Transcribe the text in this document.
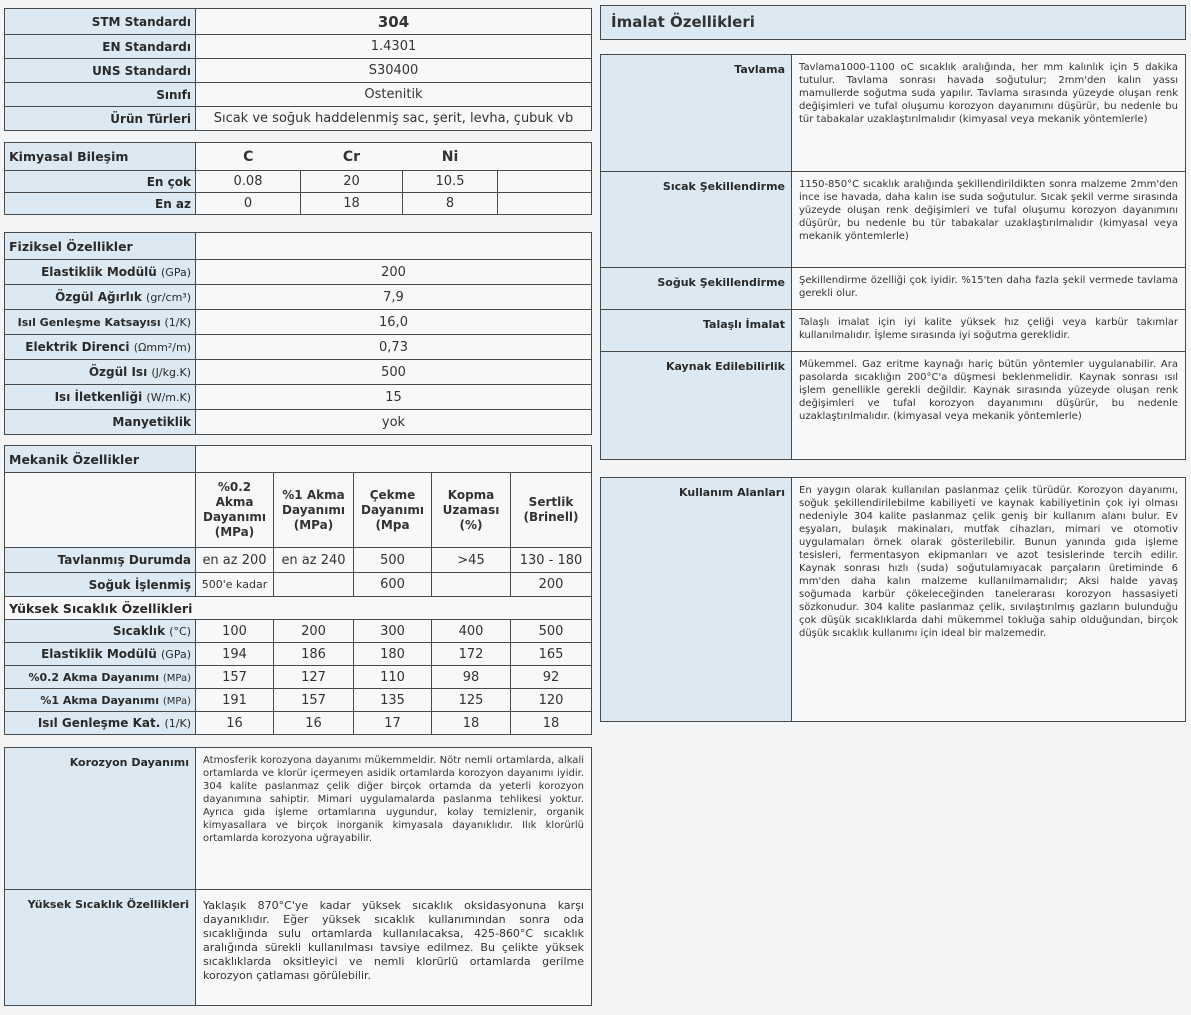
STM Standardı	304
EN Standardı	1.4301
UNS Standardı	S30400
Sınıfı	Ostenitik
Ürün Türleri	Sıcak ve soğuk haddelenmiş sac, şerit, levha, çubuk vb
Kimyasal Bileşim	C	Cr	Ni	
En çok	0.08	20	10.5	
En az	0	18	8	
Fiziksel Özellikler	
Elastiklik Modülü (GPa)	200
Özgül Ağırlık (gr/cm³)	7,9
Isıl Genleşme Katsayısı (1/K)	16,0
Elektrik Direnci (Ωmm²/m)	0,73
Özgül Isı (J/kg.K)	500
Isı İletkenliği (W/m.K)	15
Manyetiklik	yok
Mekanik Özellikler					
	%0.2 Akma Dayanımı (MPa)	%1 Akma Dayanımı (MPa)	Çekme Dayanımı (Mpa	Kopma Uzaması (%)	Sertlik (Brinell)
Tavlanmış Durumda	en az 200	en az 240	500	>45	130 - 180
Soğuk İşlenmiş	500'e kadar		600		200
Yüksek Sıcaklık Özellikleri					
Sıcaklık (°C)	100	200	300	400	500
Elastiklik Modülü (GPa)	194	186	180	172	165
%0.2 Akma Dayanımı (MPa)	157	127	110	98	92
%1 Akma Dayanımı (MPa)	191	157	135	125	120
Isıl Genleşme Kat. (1/K)	16	16	17	18	18
Korozyon Dayanımı	Atmosferik korozyona dayanımı mükemmeldir. Nötr nemli ortamlarda, alkali ortamlarda ve klorür içermeyen asidik ortamlarda korozyon dayanımı iyidir. 304 kalite paslanmaz çelik diğer birçok ortamda da yeterli korozyon dayanımına sahiptir. Mimari uygulamalarda paslanma tehlikesi yoktur. Ayrıca gıda işleme ortamlarına uygundur, kolay temizlenir, organik kimyasallara ve birçok inorganik kimyasala dayanıklıdır. Ilık klorürlü ortamlarda korozyona uğrayabilir.
Yüksek Sıcaklık Özellikleri	Yaklaşık 870°C'ye kadar yüksek sıcaklık oksidasyonuna karşı dayanıklıdır. Eğer yüksek sıcaklık kullanımından sonra oda sıcaklığında sulu ortamlarda kullanılacaksa, 425-860°C sıcaklık aralığında sürekli kullanılması tavsiye edilmez. Bu çelikte yüksek sıcaklıklarda oksitleyici ve nemli klorürlü ortamlarda gerilme korozyon çatlaması görülebilir.
İmalat Özellikleri
Tavlama	Tavlama1000-1100 oC sıcaklık aralığında, her mm kalınlık için 5 dakika tutulur. Tavlama sonrası havada soğutulur; 2mm'den kalın yassı mamullerde soğutma suda yapılır. Tavlama sırasında yüzeyde oluşan renk değişimleri ve tufal oluşumu korozyon dayanımını düşürür, bu nedenle bu tür tabakalar uzaklaştırılmalıdır (kimyasal veya mekanik yöntemlerle)
Sıcak Şekillendirme	1150-850°C sıcaklık aralığında şekillendirildikten sonra malzeme 2mm'den ince ise havada, daha kalın ise suda soğutulur. Sıcak şekil verme sırasında yüzeyde oluşan renk değişimleri ve tufal oluşumu korozyon dayanımını düşürür, bu nedenle bu tür tabakalar uzaklaştırılmalıdır (kimyasal veya mekanik yöntemlerle)
Soğuk Şekillendirme	Şekillendirme özelliği çok iyidir. %15'ten daha fazla şekil vermede tavlama gerekli olur.
Talaşlı İmalat	Talaşlı imalat için iyi kalite yüksek hız çeliği veya karbür takımlar kullanılmalıdır. İşleme sırasında iyi soğutma gereklidir.
Kaynak Edilebilirlik	Mükemmel. Gaz eritme kaynağı hariç bütün yöntemler uygulanabilir. Ara pasolarda sıcaklığın 200°C'a düşmesi beklenmelidir. Kaynak sonrası ısıl işlem genellikle gerekli değildir. Kaynak sırasında yüzeyde oluşan renk değişimleri ve tufal korozyon dayanımını düşürür, bu nedenle uzaklaştırılmalıdır. (kimyasal veya mekanik yöntemlerle)
Kullanım Alanları	En yaygın olarak kullanılan paslanmaz çelik türüdür. Korozyon dayanımı, soğuk şekillendirilebilme kabiliyeti ve kaynak kabiliyetinin çok iyi olması nedeniyle 304 kalite paslanmaz çelik geniş bir kullanım alanı bulur. Ev eşyaları, bulaşık makinaları, mutfak cihazları, mimari ve otomotiv uygulamaları örnek olarak gösterilebilir. Bunun yanında gıda işleme tesisleri, fermentasyon ekipmanları ve azot tesislerinde tercih edilir. Kaynak sonrası hızlı (suda) soğutulamıyacak parçaların üretiminde 6 mm'den daha kalın malzeme kullanılmamalıdır; Aksi halde yavaş soğumada karbür çökeleceğinden tanelerarası korozyon hassasiyeti sözkonudur. 304 kalite paslanmaz çelik, sıvılaştırılmış gazların bulunduğu çok düşük sıcaklıklarda dahi mükemmel tokluğa sahip olduğundan, birçok düşük sıcaklık kullanımı için ideal bir malzemedir.
